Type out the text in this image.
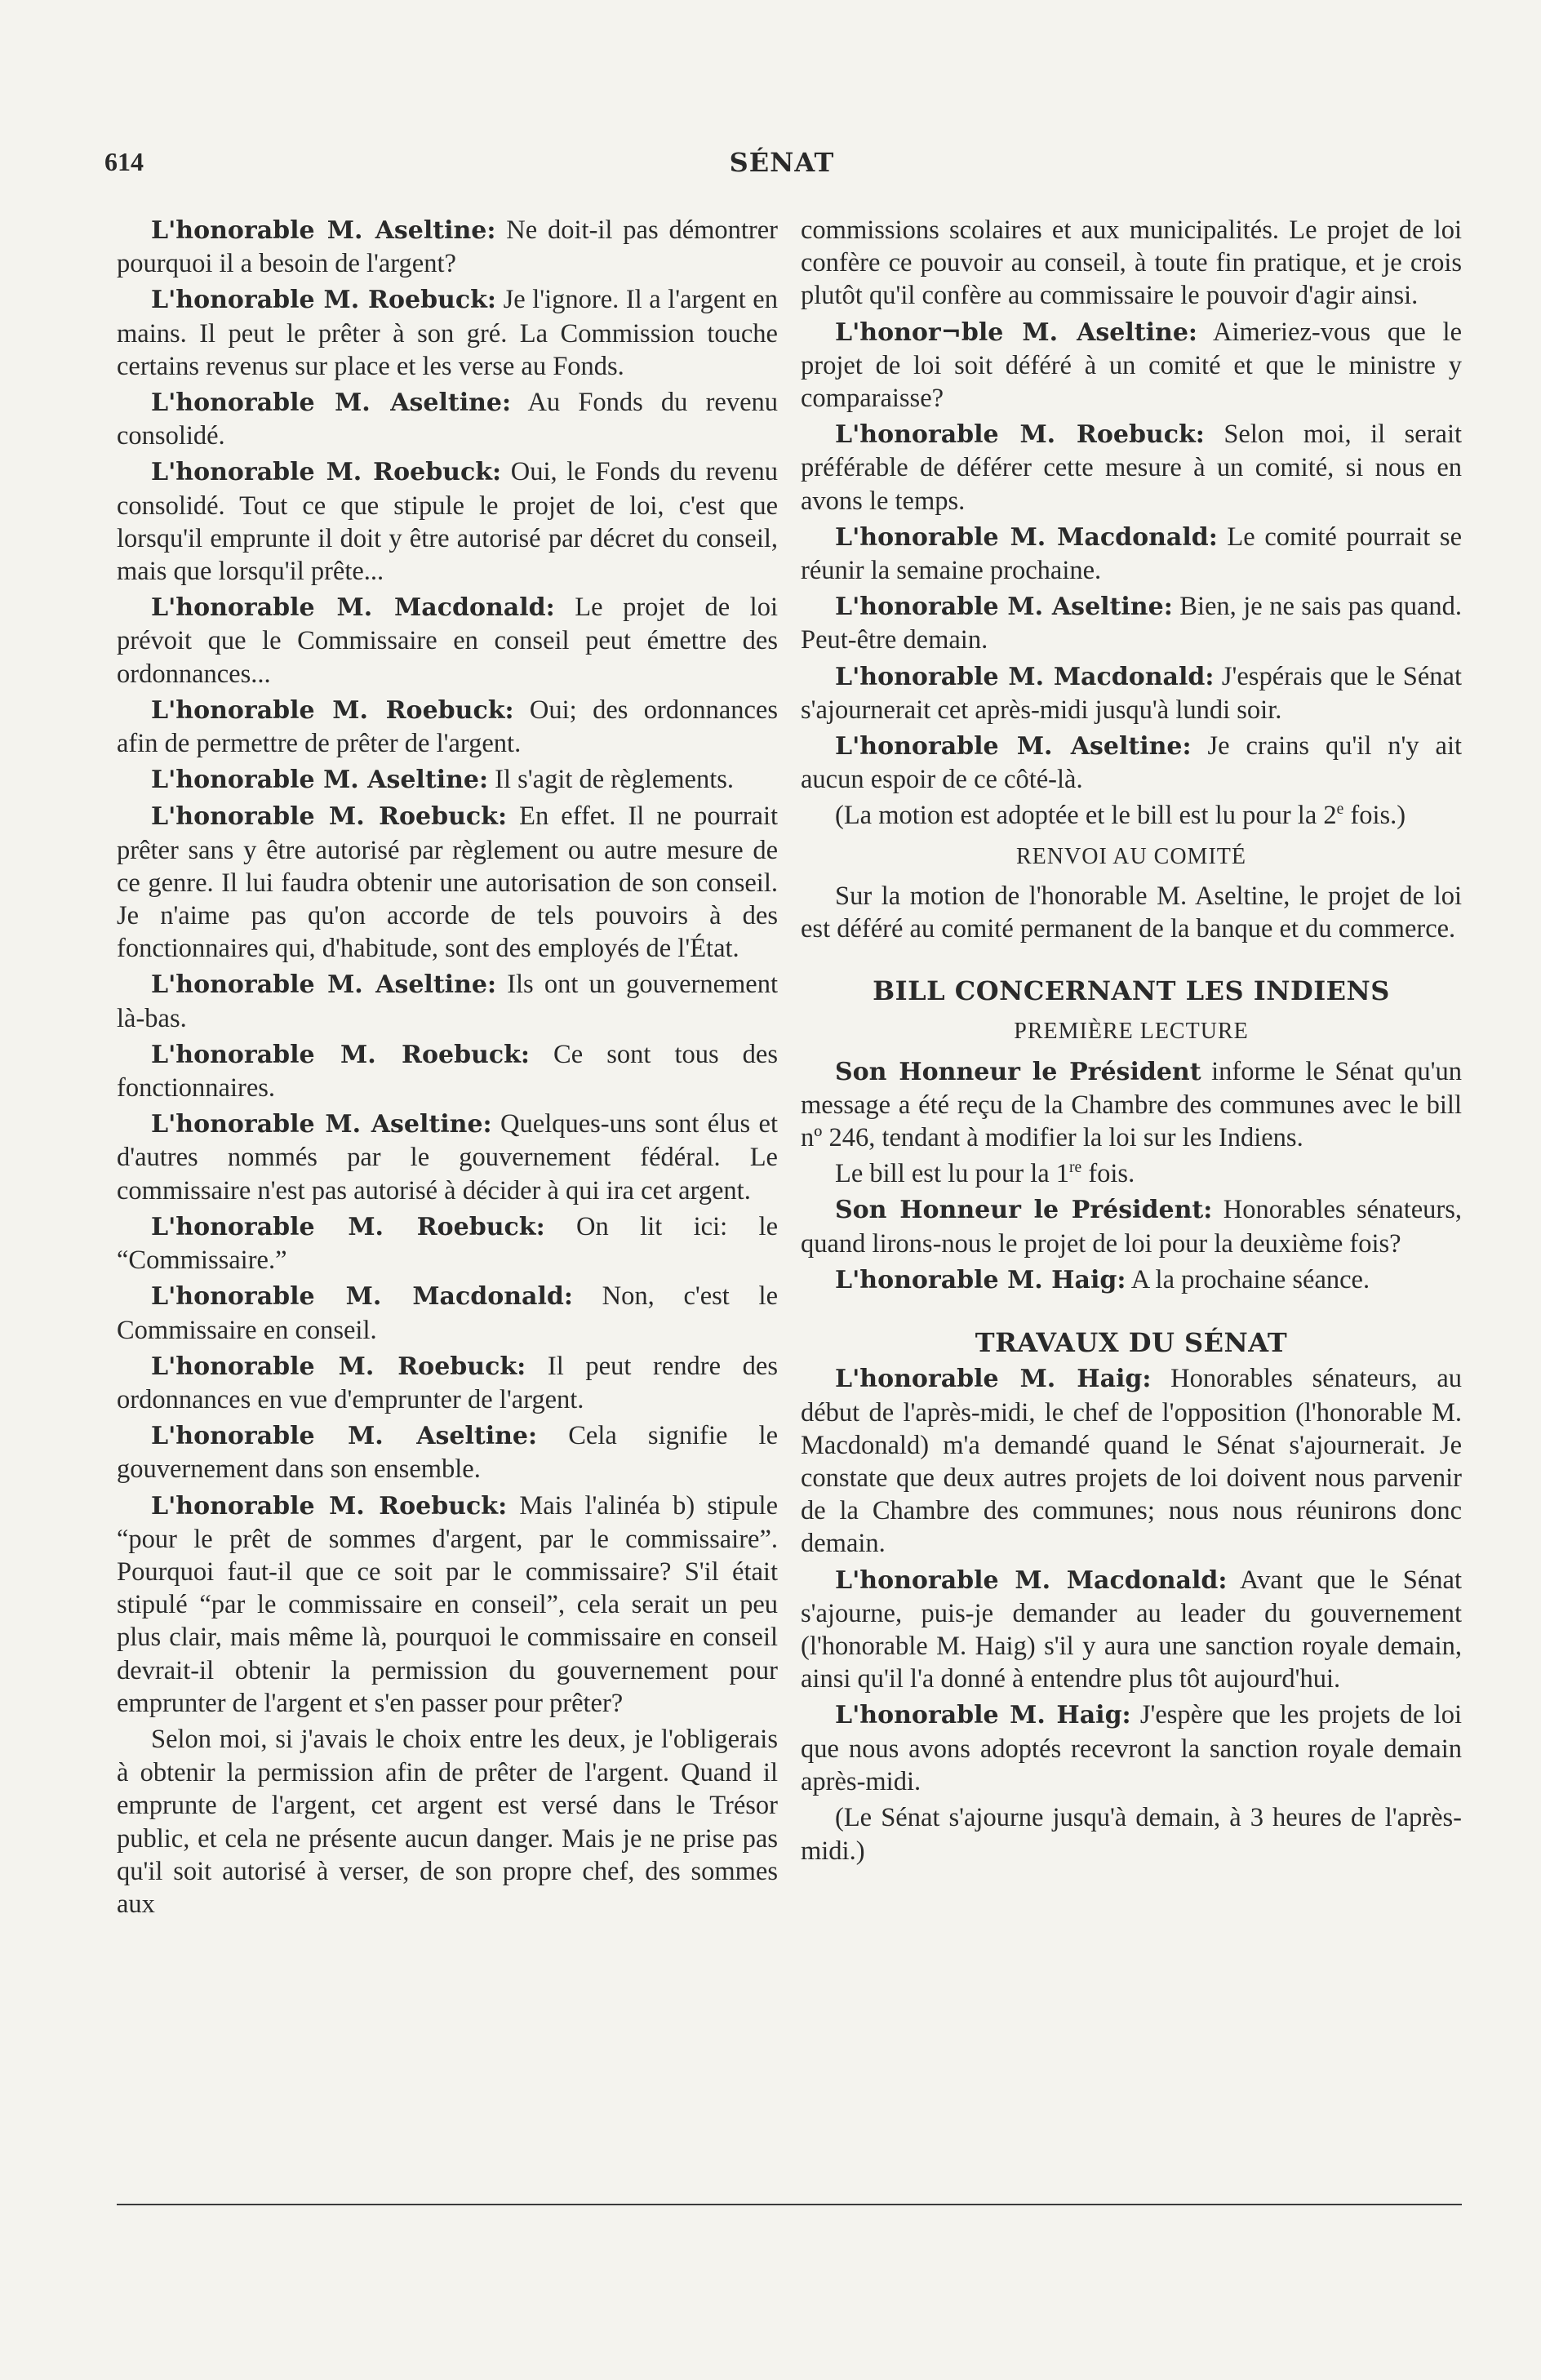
614	SÉNAT

L'honorable M. Aseltine: Ne doit-il pas démontrer pourquoi il a besoin de l'argent?

L'honorable M. Roebuck: Je l'ignore. Il a l'argent en mains. Il peut le prêter à son gré. La Commission touche certains revenus sur place et les verse au Fonds.

L'honorable M. Aseltine: Au Fonds du revenu consolidé.

L'honorable M. Roebuck: Oui, le Fonds du revenu consolidé. Tout ce que stipule le projet de loi, c'est que lorsqu'il emprunte il doit y être autorisé par décret du conseil, mais que lorsqu'il prête...

L'honorable M. Macdonald: Le projet de loi prévoit que le Commissaire en conseil peut émettre des ordonnances...

L'honorable M. Roebuck: Oui; des ordonnances afin de permettre de prêter de l'argent.

L'honorable M. Aseltine: Il s'agit de règlements.

L'honorable M. Roebuck: En effet. Il ne pourrait prêter sans y être autorisé par règlement ou autre mesure de ce genre. Il lui faudra obtenir une autorisation de son conseil. Je n'aime pas qu'on accorde de tels pouvoirs à des fonctionnaires qui, d'habitude, sont des employés de l'État.

L'honorable M. Aseltine: Ils ont un gouvernement là-bas.

L'honorable M. Roebuck: Ce sont tous des fonctionnaires.

L'honorable M. Aseltine: Quelques-uns sont élus et d'autres nommés par le gouvernement fédéral. Le commissaire n'est pas autorisé à décider à qui ira cet argent.

L'honorable M. Roebuck: On lit ici: le “Commissaire.”

L'honorable M. Macdonald: Non, c'est le Commissaire en conseil.

L'honorable M. Roebuck: Il peut rendre des ordonnances en vue d'emprunter de l'argent.

L'honorable M. Aseltine: Cela signifie le gouvernement dans son ensemble.

L'honorable M. Roebuck: Mais l'alinéa b) stipule “pour le prêt de sommes d'argent, par le commissaire”. Pourquoi faut-il que ce soit par le commissaire? S'il était stipulé “par le commissaire en conseil”, cela serait un peu plus clair, mais même là, pourquoi le commissaire en conseil devrait-il obtenir la permission du gouvernement pour emprunter de l'argent et s'en passer pour prêter?

Selon moi, si j'avais le choix entre les deux, je l'obligerais à obtenir la permission afin de prêter de l'argent. Quand il emprunte de l'argent, cet argent est versé dans le Trésor public, et cela ne présente aucun danger. Mais je ne prise pas qu'il soit autorisé à verser, de son propre chef, des sommes aux

commissions scolaires et aux municipalités. Le projet de loi confère ce pouvoir au conseil, à toute fin pratique, et je crois plutôt qu'il confère au commissaire le pouvoir d'agir ainsi.

L'honor¬ble M. Aseltine: Aimeriez-vous que le projet de loi soit déféré à un comité et que le ministre y comparaisse?

L'honorable M. Roebuck: Selon moi, il serait préférable de déférer cette mesure à un comité, si nous en avons le temps.

L'honorable M. Macdonald: Le comité pourrait se réunir la semaine prochaine.

L'honorable M. Aseltine: Bien, je ne sais pas quand. Peut-être demain.

L'honorable M. Macdonald: J'espérais que le Sénat s'ajournerait cet après-midi jusqu'à lundi soir.

L'honorable M. Aseltine: Je crains qu'il n'y ait aucun espoir de ce côté-là.

(La motion est adoptée et le bill est lu pour la 2e fois.)

RENVOI AU COMITÉ

Sur la motion de l'honorable M. Aseltine, le projet de loi est déféré au comité permanent de la banque et du commerce.

BILL CONCERNANT LES INDIENS
PREMIÈRE LECTURE

Son Honneur le Président informe le Sénat qu'un message a été reçu de la Chambre des communes avec le bill nº 246, tendant à modifier la loi sur les Indiens.

Le bill est lu pour la 1re fois.

Son Honneur le Président: Honorables sénateurs, quand lirons-nous le projet de loi pour la deuxième fois?

L'honorable M. Haig: A la prochaine séance.

TRAVAUX DU SÉNAT

L'honorable M. Haig: Honorables sénateurs, au début de l'après-midi, le chef de l'opposition (l'honorable M. Macdonald) m'a demandé quand le Sénat s'ajournerait. Je constate que deux autres projets de loi doivent nous parvenir de la Chambre des communes; nous nous réunirons donc demain.

L'honorable M. Macdonald: Avant que le Sénat s'ajourne, puis-je demander au leader du gouvernement (l'honorable M. Haig) s'il y aura une sanction royale demain, ainsi qu'il l'a donné à entendre plus tôt aujourd'hui.

L'honorable M. Haig: J'espère que les projets de loi que nous avons adoptés recevront la sanction royale demain après-midi.

(Le Sénat s'ajourne jusqu'à demain, à 3 heures de l'après-midi.)
